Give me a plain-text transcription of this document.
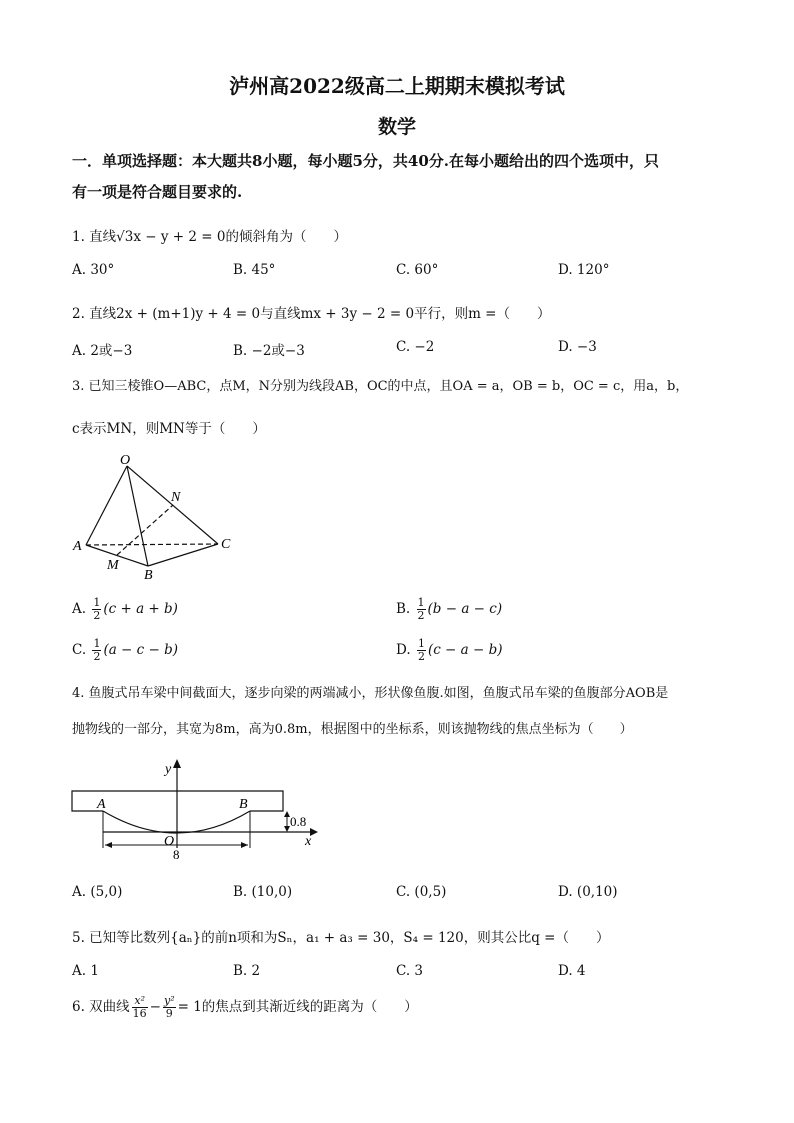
泸州高2022级高二上期期末模拟考试
数学
一．单项选择题：本大题共8小题，每小题5分，共40分.在每小题给出的四个选项中，只
有一项是符合题目要求的.
1. 直线√3x − y + 2 = 0的倾斜角为（　　）
A. 30°	B. 45°	C. 60°	D. 120°
2. 直线2x + (m+1)y + 4 = 0与直线mx + 3y − 2 = 0平行，则m =（　　）
A. 2或−3	B. −2或−3	C. −2	D. −3
3. 已知三棱锥O—ABC，点M，N分别为线段AB，OC的中点，且OA = a，OB = b，OC = c，用a，b，
c表示MN，则MN等于（　　）
O
N
A	C
M
B
A. $\frac{1}{2} (c + a + b)$	B. $\frac{1}{2} (b - a - c)$
C. $\frac{1}{2} (a - c - b)$	D. $\frac{1}{2} (c - a - b)$
4. 鱼腹式吊车梁中间截面大，逐步向梁的两端减小，形状像鱼腹.如图，鱼腹式吊车梁的鱼腹部分AOB是
抛物线的一部分，其宽为8m，高为0.8m，根据图中的坐标系，则该抛物线的焦点坐标为（　　）
y
A	B
O	x
0.8
8
A. (5,0)	B. (10,0)	C. (0,5)	D. (0,10)
5. 已知等比数列{aₙ}的前n项和为Sₙ，a₁ + a₃ = 30，S₄ = 120，则其公比q =（　　）
A. 1	B. 2	C. 3	D. 4
6. 双曲线 $\frac{\text{x²}}{16} - \frac{\text{y²}}{9} = 1$的焦点到其渐近线的距离为（　　）
